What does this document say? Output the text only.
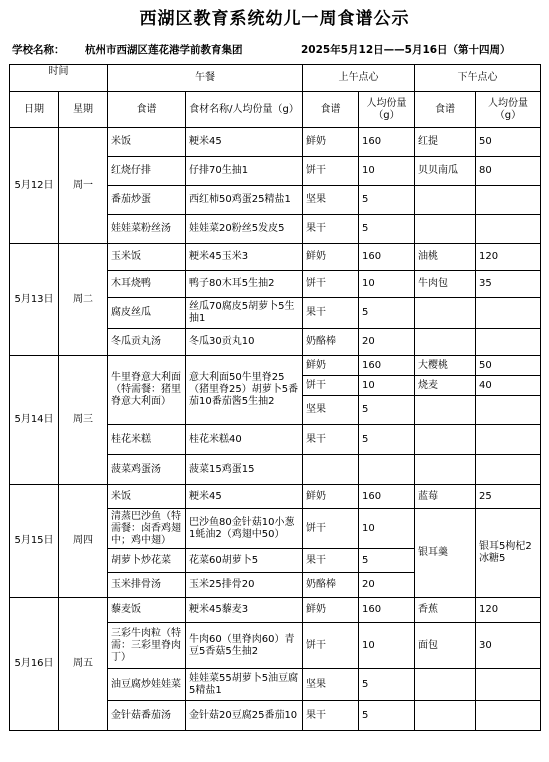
西湖区教育系统幼儿一周食谱公示
学校名称： 杭州市西湖区莲花港学前教育集团	2025年5月12日——5月16日（第十四周）
时间		午餐		上午点心		下午点心	
日期	星期	食谱	食材名称/人均份量（g）	食谱	人均份量（g）	食谱	人均份量（g）
5月12日	周一	米饭	粳米45	鲜奶	160	红提	50
		红烧仔排	仔排70生抽1	饼干	10	贝贝南瓜	80
		番茄炒蛋	西红柿50鸡蛋25精盐1	坚果	5		
		娃娃菜粉丝汤	娃娃菜20粉丝5发皮5	果干	5		
5月13日	周二	玉米饭	粳米45玉米3	鲜奶	160	油桃	120
		木耳烧鸭	鸭子80木耳5生抽2	饼干	10	牛肉包	35
		腐皮丝瓜	丝瓜70腐皮5胡萝卜5生抽1	果干	5		
		冬瓜贡丸汤	冬瓜30贡丸10	奶酪棒	20		
5月14日	周三	牛里脊意大利面（特需餐：猪里脊意大利面）	意大利面50牛里脊25（猪里脊25）胡萝卜5番茄10番茄酱5生抽2	鲜奶	160	大樱桃	50
				饼干	10	烧麦	40
				坚果	5		
		桂花米糕	桂花米糕40	果干	5		
		菠菜鸡蛋汤	菠菜15鸡蛋15				
5月15日	周四	米饭	粳米45	鲜奶	160	蓝莓	25
		清蒸巴沙鱼（特需餐：卤香鸡翅中；鸡中翅）	巴沙鱼80金针菇10小葱1蚝油2（鸡翅中50）	饼干	10	银耳羹	银耳5枸杞2冰糖5
		胡萝卜炒花菜	花菜60胡萝卜5	果干	5		
		玉米排骨汤	玉米25排骨20	奶酪棒	20		
5月16日	周五	藜麦饭	粳米45藜麦3	鲜奶	160	香蕉	120
		三彩牛肉粒（特需：三彩里脊肉丁）	牛肉60（里脊肉60）青豆5香菇5生抽2	饼干	10	面包	30
		油豆腐炒娃娃菜	娃娃菜55胡萝卜5油豆腐5精盐1	坚果	5		
		金针菇番茄汤	金针菇20豆腐25番茄10	果干	5		
